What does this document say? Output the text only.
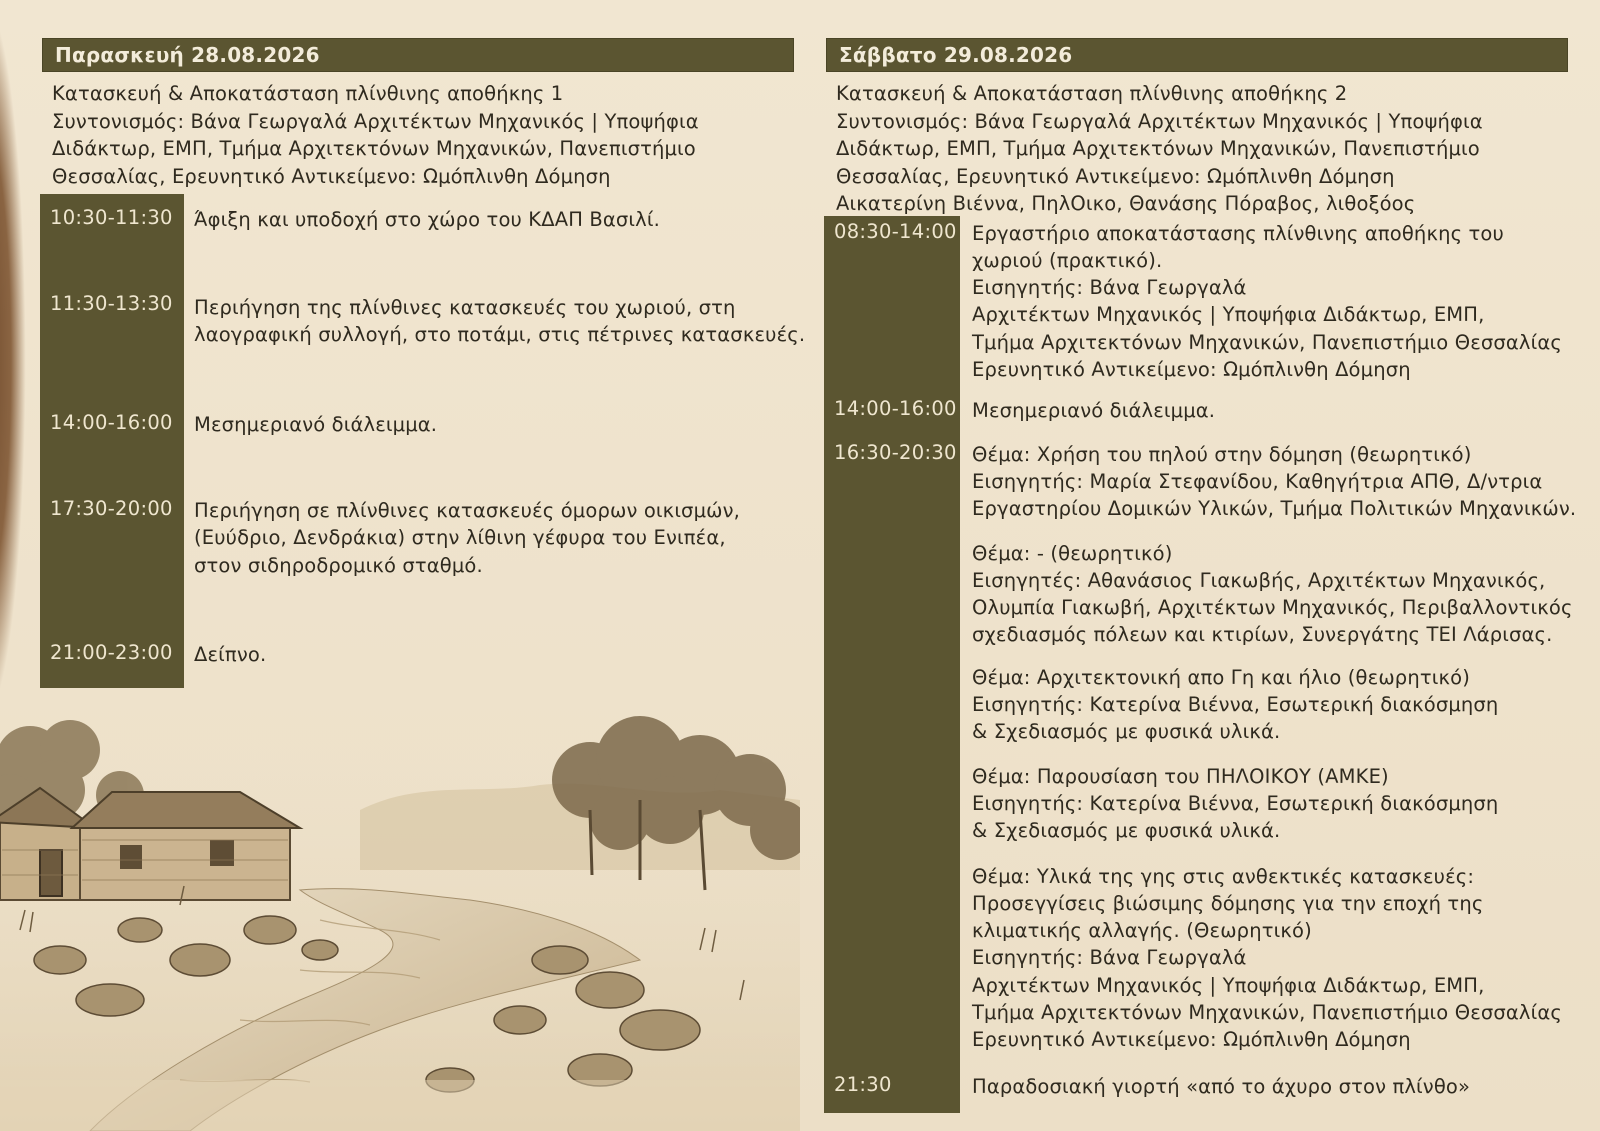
Παρασκευή 28.08.2026
Κατασκευή & Αποκατάσταση πλίνθινης αποθήκης 1
Συντονισμός: Βάνα Γεωργαλά Αρχιτέκτων Μηχανικός | Υποψήφια
Διδάκτωρ, ΕΜΠ, Τμήμα Αρχιτεκτόνων Μηχανικών, Πανεπιστήμιο
Θεσσαλίας, Ερευνητικό Αντικείμενο: Ωμόπλινθη Δόμηση
10:30-11:30 Άφιξη και υποδοχή στο χώρο του ΚΔΑΠ Βασιλί.
11:30-13:30 Περιήγηση της πλίνθινες κατασκευές του χωριού, στη
λαογραφική συλλογή, στο ποτάμι, στις πέτρινες κατασκευές.
14:00-16:00 Μεσημεριανό διάλειμμα.
17:30-20:00 Περιήγηση σε πλίνθινες κατασκευές όμορων οικισμών,
(Ευύδριο, Δενδράκια) στην λίθινη γέφυρα του Ενιπέα,
στον σιδηροδρομικό σταθμό.
21:00-23:00 Δείπνο.
Σάββατο 29.08.2026
Κατασκευή & Αποκατάσταση πλίνθινης αποθήκης 2
Συντονισμός: Βάνα Γεωργαλά Αρχιτέκτων Μηχανικός | Υποψήφια
Διδάκτωρ, ΕΜΠ, Τμήμα Αρχιτεκτόνων Μηχανικών, Πανεπιστήμιο
Θεσσαλίας, Ερευνητικό Αντικείμενο: Ωμόπλινθη Δόμηση
Αικατερίνη Βιέννα, ΠηλΟικο, Θανάσης Πόραβος, λιθοξόος
08:30-14:00 Εργαστήριο αποκατάστασης πλίνθινης αποθήκης του
χωριού (πρακτικό).
Εισηγητής: Βάνα Γεωργαλά
Αρχιτέκτων Μηχανικός | Υποψήφια Διδάκτωρ, ΕΜΠ,
Τμήμα Αρχιτεκτόνων Μηχανικών, Πανεπιστήμιο Θεσσαλίας
Ερευνητικό Αντικείμενο: Ωμόπλινθη Δόμηση
14:00-16:00 Μεσημεριανό διάλειμμα.
16:30-20:30 Θέμα: Χρήση του πηλού στην δόμηση (θεωρητικό)
Εισηγητής: Μαρία Στεφανίδου, Καθηγήτρια ΑΠΘ, Δ/ντρια
Εργαστηρίου Δομικών Υλικών, Τμήμα Πολιτικών Μηχανικών.
Θέμα: - (θεωρητικό)
Εισηγητές: Αθανάσιος Γιακωβής, Αρχιτέκτων Μηχανικός,
Ολυμπία Γιακωβή, Αρχιτέκτων Μηχανικός, Περιβαλλοντικός
σχεδιασμός πόλεων και κτιρίων, Συνεργάτης ΤΕΙ Λάρισας.
Θέμα: Αρχιτεκτονική απο Γη και ήλιο (θεωρητικό)
Εισηγητής: Κατερίνα Βιέννα, Εσωτερική διακόσμηση
& Σχεδιασμός με φυσικά υλικά.
Θέμα: Παρουσίαση του ΠΗΛΟΙΚΟΥ (ΑΜΚΕ)
Εισηγητής: Κατερίνα Βιέννα, Εσωτερική διακόσμηση
& Σχεδιασμός με φυσικά υλικά.
Θέμα: Υλικά της γης στις ανθεκτικές κατασκευές:
Προσεγγίσεις βιώσιμης δόμησης για την εποχή της
κλιματικής αλλαγής. (Θεωρητικό)
Εισηγητής: Βάνα Γεωργαλά
Αρχιτέκτων Μηχανικός | Υποψήφια Διδάκτωρ, ΕΜΠ,
Τμήμα Αρχιτεκτόνων Μηχανικών, Πανεπιστήμιο Θεσσαλίας
Ερευνητικό Αντικείμενο: Ωμόπλινθη Δόμηση
21:30	Παραδοσιακή γιορτή «από το άχυρο στον πλίνθο»
